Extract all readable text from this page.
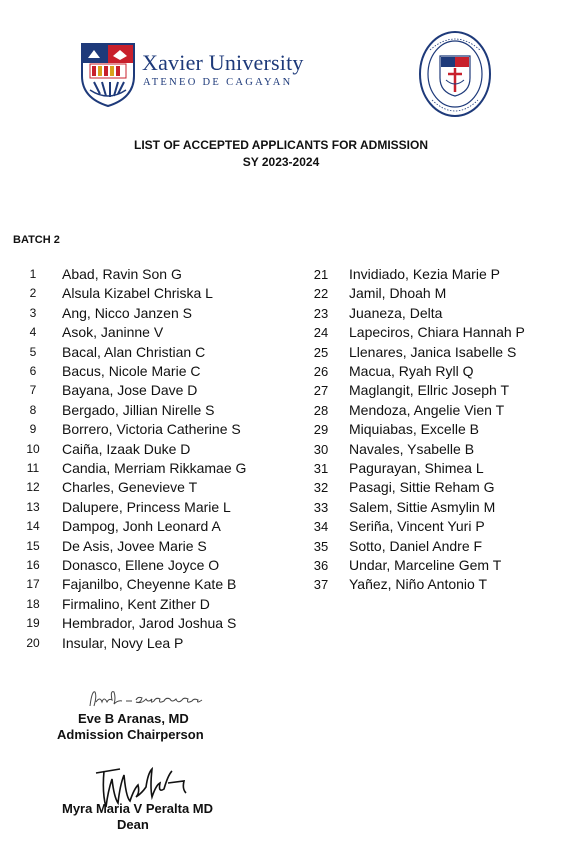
Xavier University
ATENEO DE CAGAYAN
LIST OF ACCEPTED APPLICANTS FOR ADMISSION
SY 2023-2024
BATCH 2
1	Abad, Ravin Son G
2	Alsula Kizabel Chriska L
3	Ang, Nicco Janzen S
4	Asok, Janinne V
5	Bacal, Alan Christian C
6	Bacus, Nicole Marie C
7	Bayana, Jose Dave D
8	Bergado, Jillian Nirelle S
9	Borrero, Victoria Catherine S
10	Caiña, Izaak Duke D
11	Candia, Merriam Rikkamae G
12	Charles, Genevieve T
13	Dalupere, Princess Marie L
14	Dampog, Jonh Leonard A
15	De Asis, Jovee Marie S
16	Donasco, Ellene Joyce O
17	Fajanilbo, Cheyenne Kate B
18	Firmalino, Kent Zither D
19	Hembrador, Jarod Joshua S
20	Insular, Novy Lea P
21 Invidiado, Kezia Marie P
22 Jamil, Dhoah M
23 Juaneza, Delta
24 Lapeciros, Chiara Hannah P
25 Llenares, Janica Isabelle S
26 Macua, Ryah Ryll Q
27 Maglangit, Ellric Joseph T
28 Mendoza, Angelie Vien T
29 Miquiabas, Excelle B
30 Navales, Ysabelle B
31 Pagurayan, Shimea L
32 Pasagi, Sittie Reham G
33 Salem, Sittie Asmylin M
34 Seriña, Vincent Yuri P
35 Sotto, Daniel Andre F
36 Undar, Marceline Gem T
37 Yañez, Niño Antonio T
Eve B Aranas, MD
Admission Chairperson
Myra Maria V Peralta MD
Dean
